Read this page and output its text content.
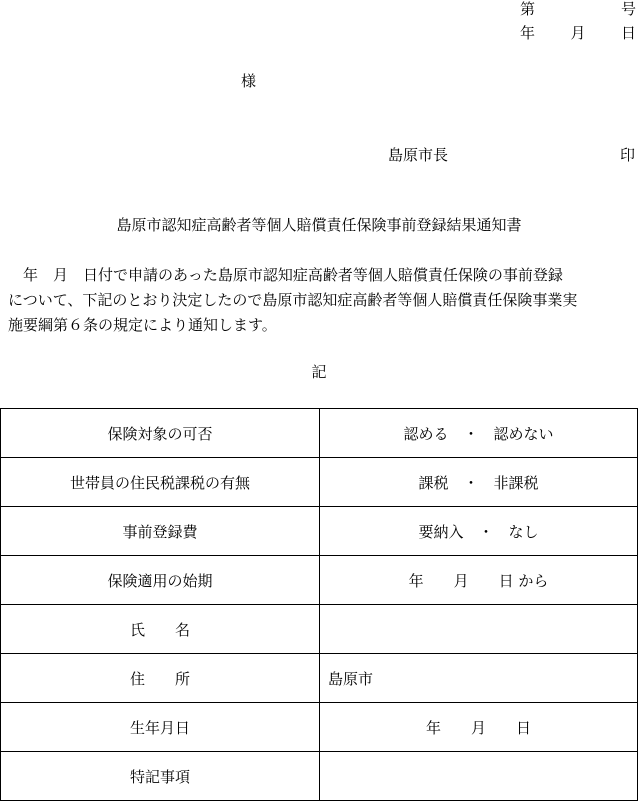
第	号
年 月 日
様
島原市長	印
島原市認知症高齢者等個人賠償責任保険事前登録結果通知書
　年　月　日付で申請のあった島原市認知症高齢者等個人賠償責任保険の事前登録
について、下記のとおり決定したので島原市認知症高齢者等個人賠償責任保険事業実
施要綱第６条の規定により通知します。
記
保険対象の可否	認める　・　認めない
世帯員の住民税課税の有無	課税　・　非課税
事前登録費	要納入　・　なし
保険適用の始期	年　　月　　日 から
氏　　名	
住　　所	島原市
生年月日	年　　月　　日
特記事項	
